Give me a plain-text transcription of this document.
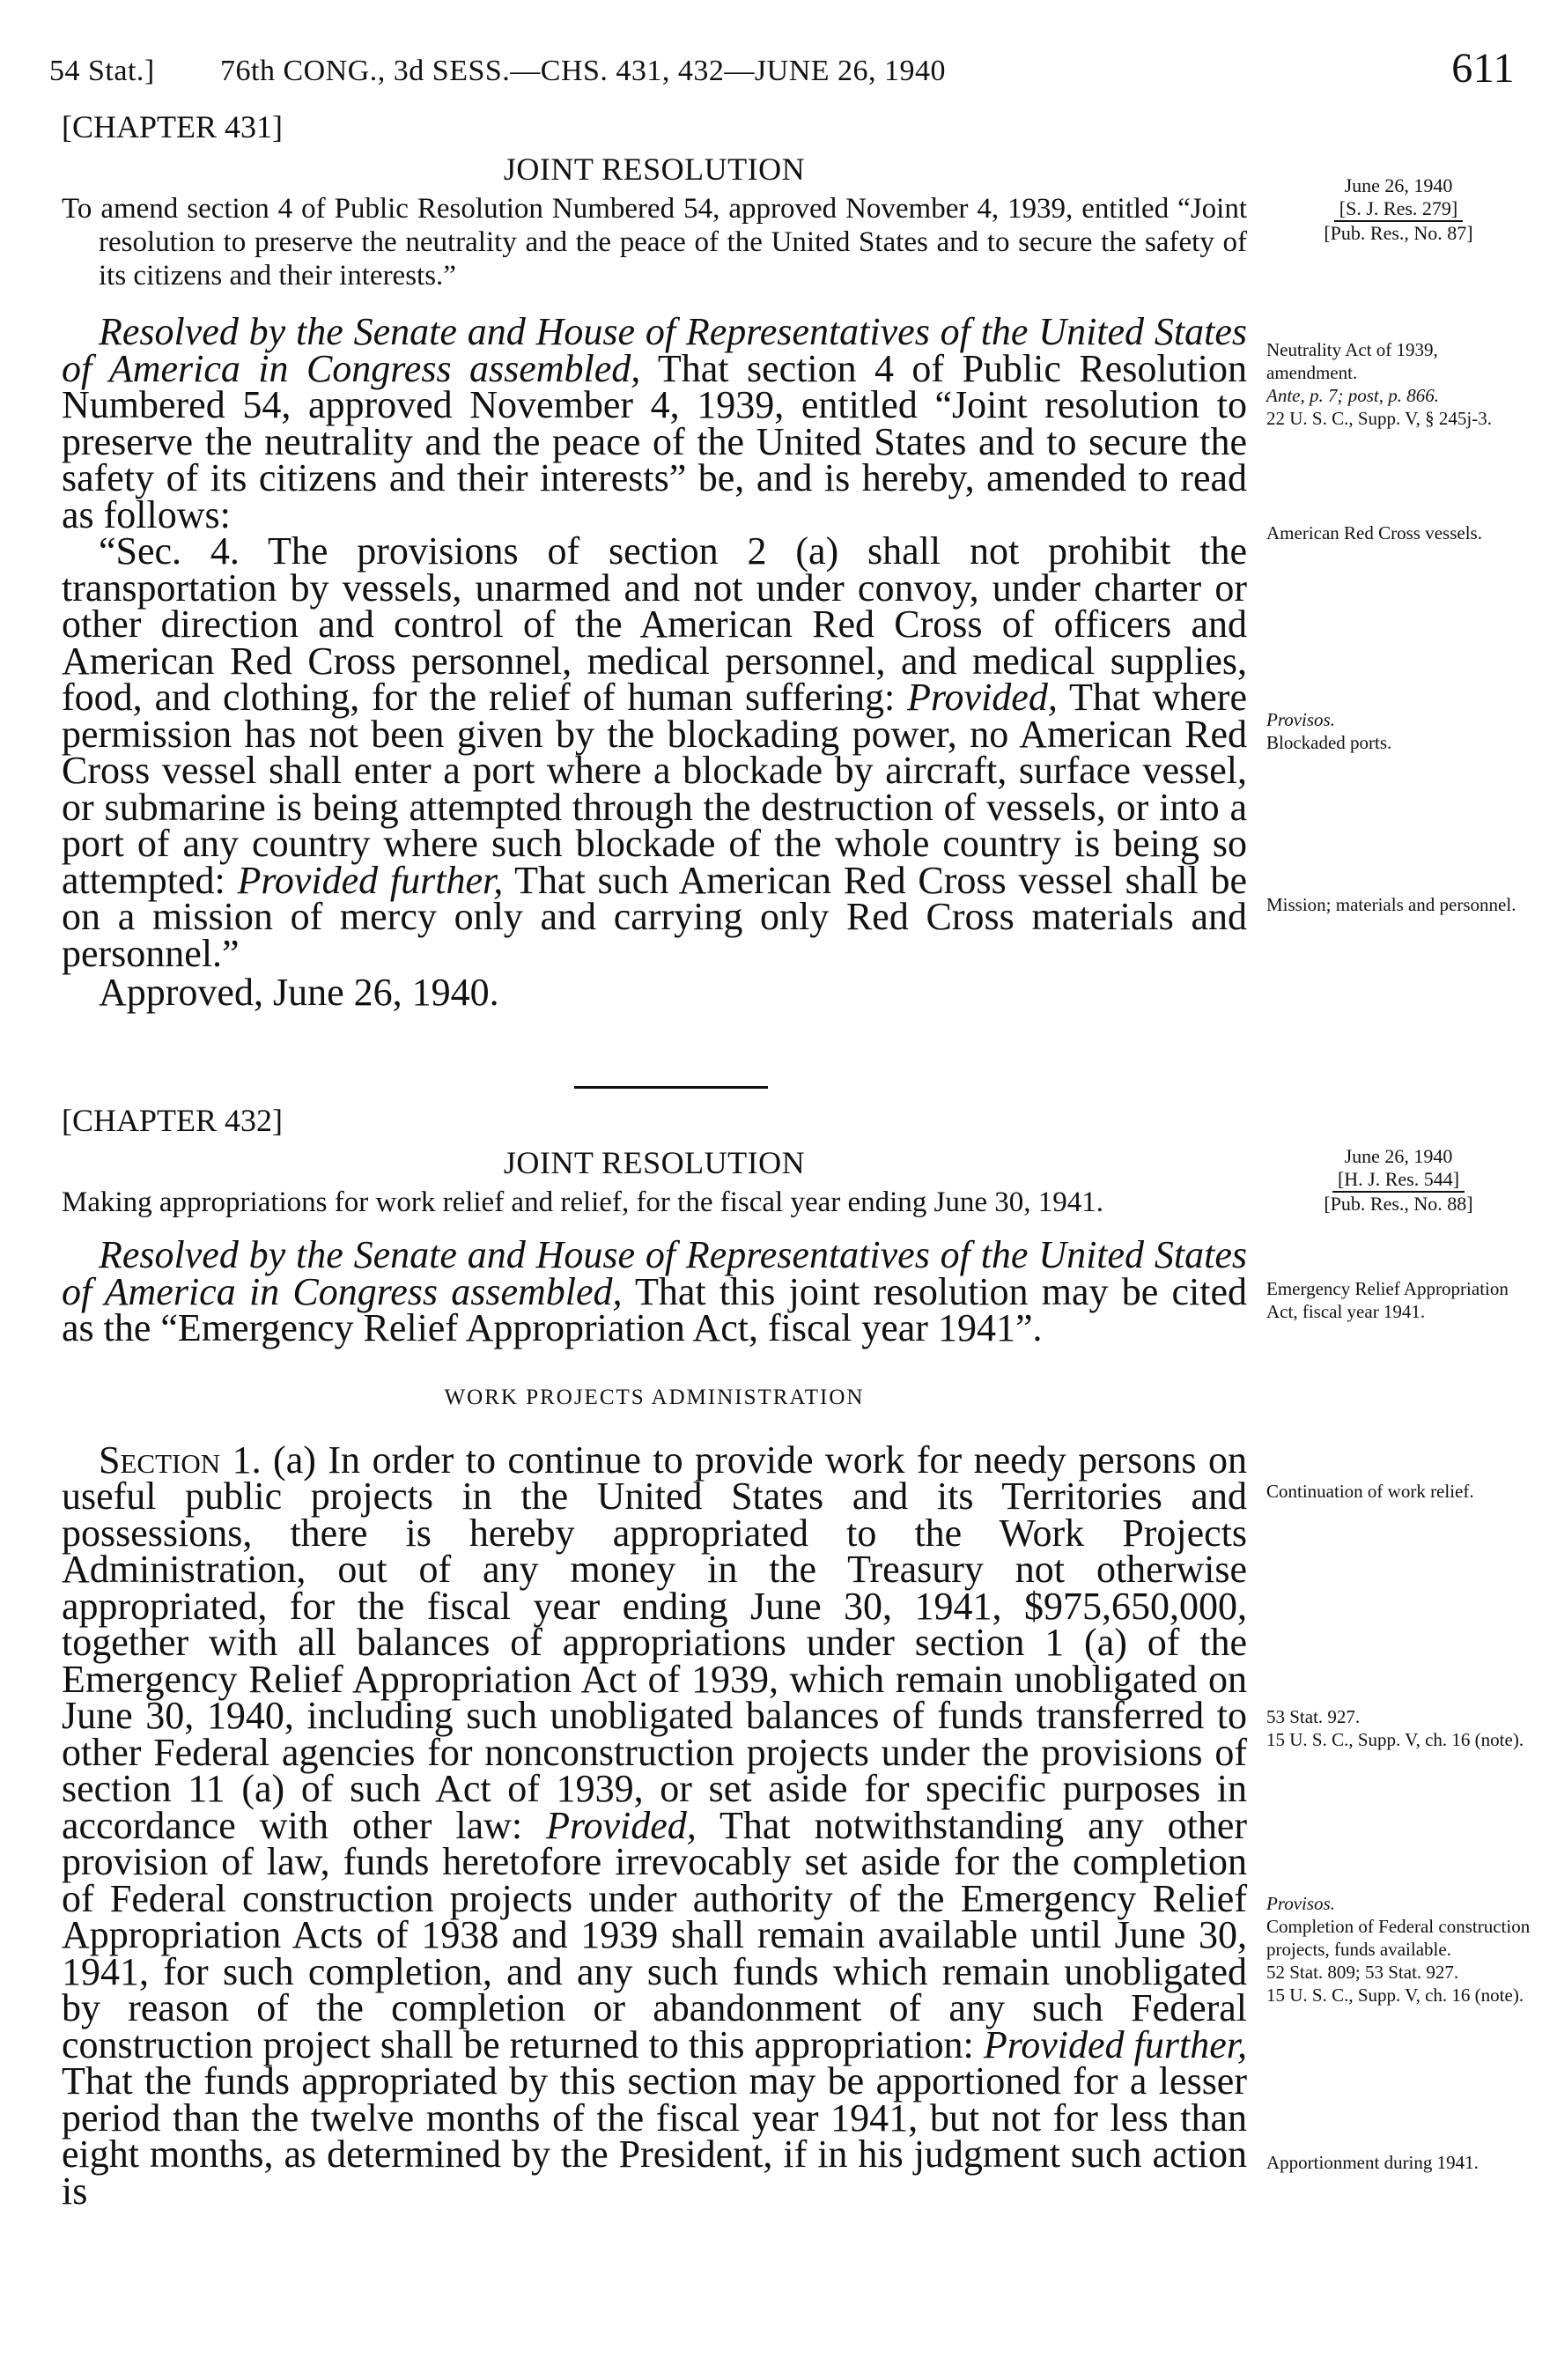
54 Stat.] 76th CONG., 3d SESS.—CHS. 431, 432—JUNE 26, 1940	611
[CHAPTER 431]
JOINT RESOLUTION
To amend section 4 of Public Resolution Numbered 54, approved November 4, 1939, entitled “Joint resolution to preserve the neutrality and the peace of the United States and to secure the safety of its citizens and their interests.”

Resolved by the Senate and House of Representatives of the United States of America in Congress assembled, That section 4 of Public Resolution Numbered 54, approved November 4, 1939, entitled “Joint resolution to preserve the neutrality and the peace of the United States and to secure the safety of its citizens and their interests” be, and is hereby, amended to read as follows:

“Sec. 4. The provisions of section 2 (a) shall not prohibit the transportation by vessels, unarmed and not under convoy, under charter or other direction and control of the American Red Cross of officers and American Red Cross personnel, medical personnel, and medical supplies, food, and clothing, for the relief of human suffering: Provided, That where permission has not been given by the blockading power, no American Red Cross vessel shall enter a port where a blockade by aircraft, surface vessel, or submarine is being attempted through the destruction of vessels, or into a port of any country where such blockade of the whole country is being so attempted: Provided further, That such American Red Cross vessel shall be on a mission of mercy only and carrying only Red Cross materials and personnel.”

Approved, June 26, 1940.
June 26, 1940
[S. J. Res. 279]
[Pub. Res., No. 87]
Neutrality Act of 1939, amendment.
Ante, p. 7; post, p. 866.
22 U. S. C., Supp. V, § 245j-3.
American Red Cross vessels.
Provisos.
Blockaded ports.
Mission; materials and personnel.
[CHAPTER 432]
JOINT RESOLUTION
Making appropriations for work relief and relief, for the fiscal year ending June 30, 1941.

Resolved by the Senate and House of Representatives of the United States of America in Congress assembled, That this joint resolution may be cited as the “Emergency Relief Appropriation Act, fiscal year 1941”.

WORK PROJECTS ADMINISTRATION

Section 1. (a) In order to continue to provide work for needy persons on useful public projects in the United States and its Territories and possessions, there is hereby appropriated to the Work Projects Administration, out of any money in the Treasury not otherwise appropriated, for the fiscal year ending June 30, 1941, $975,650,000, together with all balances of appropriations under section 1 (a) of the Emergency Relief Appropriation Act of 1939, which remain unobligated on June 30, 1940, including such unobligated balances of funds transferred to other Federal agencies for nonconstruction projects under the provisions of section 11 (a) of such Act of 1939, or set aside for specific purposes in accordance with other law: Provided, That notwithstanding any other provision of law, funds heretofore irrevocably set aside for the completion of Federal construction projects under authority of the Emergency Relief Appropriation Acts of 1938 and 1939 shall remain available until June 30, 1941, for such completion, and any such funds which remain unobligated by reason of the completion or abandonment of any such Federal construction project shall be returned to this appropriation: Provided further, That the funds appropriated by this section may be apportioned for a lesser period than the twelve months of the fiscal year 1941, but not for less than eight months, as determined by the President, if in his judgment such action is

June 26, 1940
[H. J. Res. 544]
[Pub. Res., No. 88]
Emergency Relief Appropriation Act, fiscal year 1941.
Continuation of work relief.
53 Stat. 927.
15 U. S. C., Supp. V, ch. 16 (note).
Provisos.
Completion of Federal construction projects, funds available.
52 Stat. 809; 53 Stat. 927.
15 U. S. C., Supp. V, ch. 16 (note).
Apportionment during 1941.
